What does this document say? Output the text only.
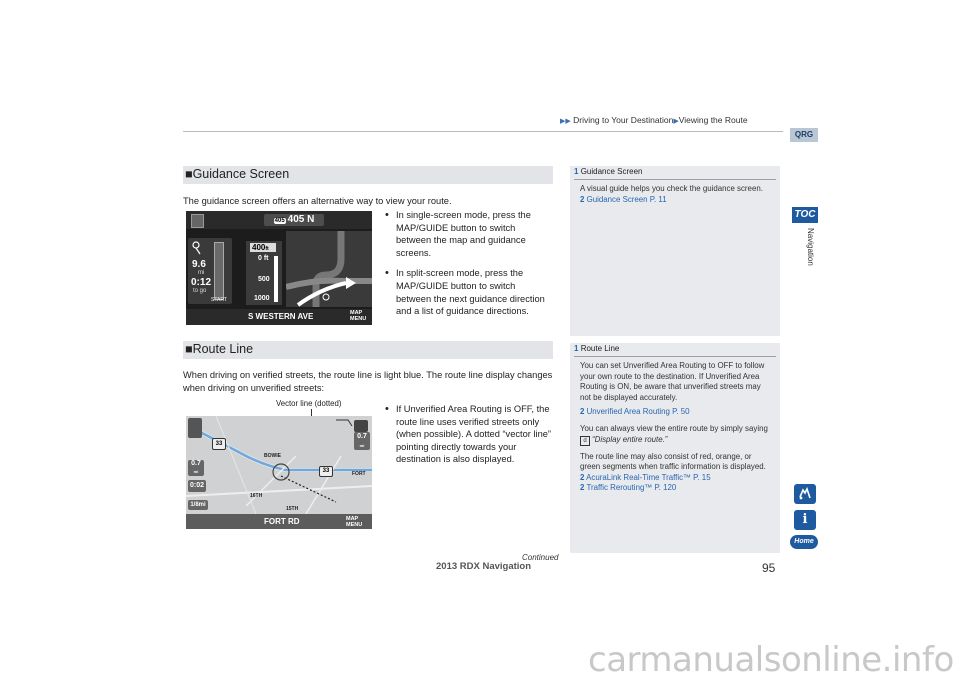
▶▶ Driving to Your Destination▶Viewing the Route
QRG
TOC
Navigation
i
Home
■Guidance Screen
The guidance screen offers an alternative way to view your route.
405 405 N
9.6
mi
0:12
to go
START
400ft
0 ft
500
1000
S WESTERN AVE	MAP
MENU
• In single-screen mode, press the MAP/GUIDE button to switch between the map and guidance screens.
• In split-screen mode, press the MAP/GUIDE button to switch between the next guidance direction and a list of guidance directions.
1 Guidance Screen
A visual guide helps you check the guidance screen.
2 Guidance Screen P. 11
■Route Line
When driving on verified streets, the route line is light blue. The route line display changes when driving on unverified streets:
Vector line (dotted)
33
33
BOWIE
16TH
15TH
FORT
0.7
mi
0:02
1/8mi
0.7
mi
FORT RD	MAP
MENU
• If Unverified Area Routing is OFF, the route line uses verified streets only (when possible). A dotted “vector line” pointing directly towards your destination is also displayed.
1 Route Line
You can set Unverified Area Routing to OFF to follow your own route to the destination. If Unverified Area Routing is ON, be aware that unverified streets may not be displayed accurately.
2 Unverified Area Routing P. 50
You can always view the entire route by simply saying d “Display entire route.”
The route line may also consist of red, orange, or green segments when traffic information is displayed.
2 AcuraLink Real-Time Traffic™ P. 15
2 Traffic Rerouting™ P. 120
Continued
2013 RDX Navigation	95
carmanualsonline.info
